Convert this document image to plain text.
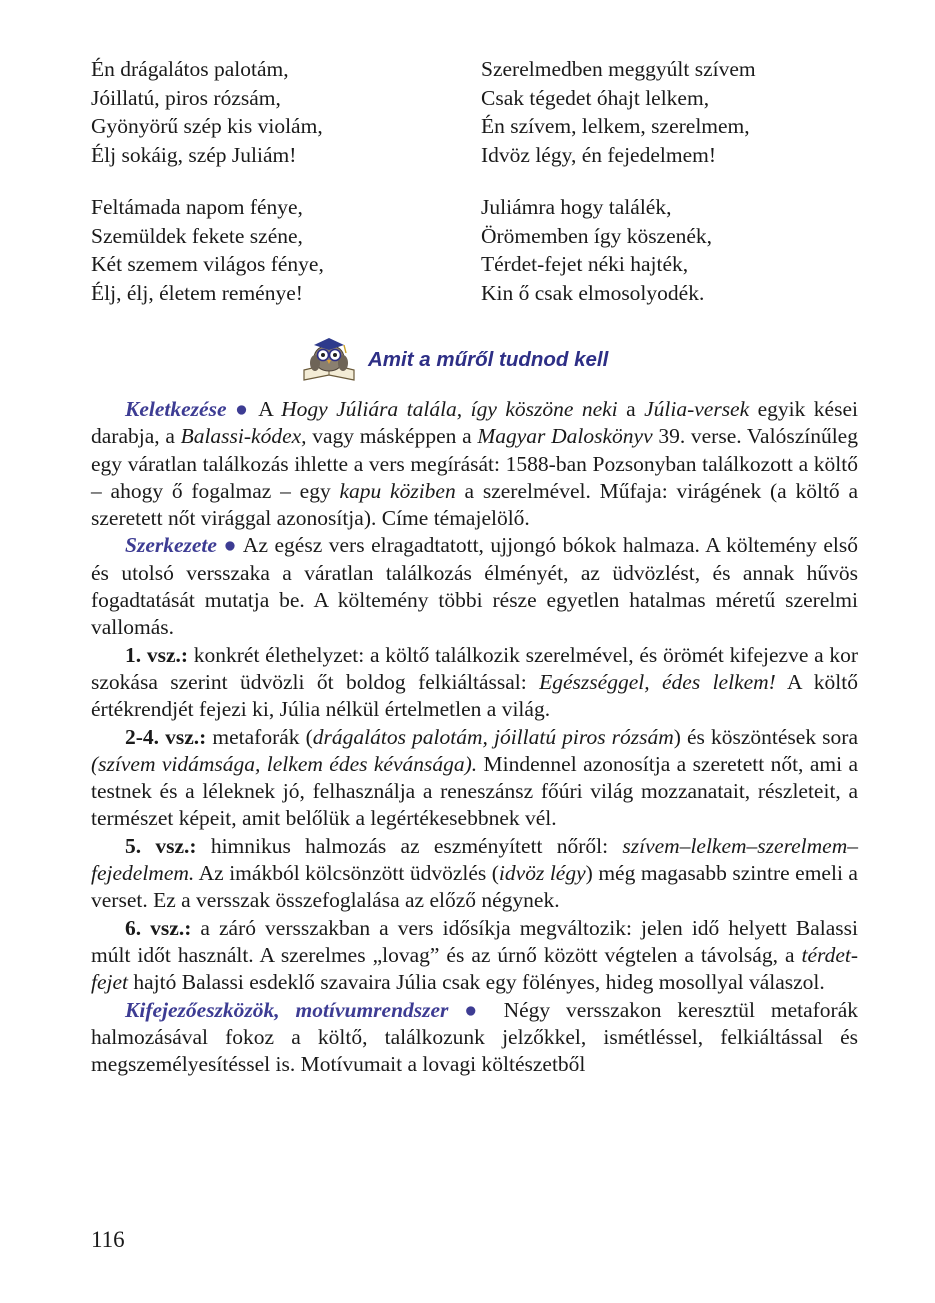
Én drágalátos palotám,
Jóillatú, piros rózsám,
Gyönyörű szép kis violám,
Élj sokáig, szép Juliám!
Feltámada napom fénye,
Szemüldek fekete széne,
Két szemem világos fénye,
Élj, élj, életem reménye!
Szerelmedben meggyúlt szívem
Csak tégedet óhajt lelkem,
Én szívem, lelkem, szerelmem,
Idvöz légy, én fejedelmem!
Juliámra hogy találék,
Örömemben így köszenék,
Térdet-fejet néki hajték,
Kin ő csak elmosolyodék.
Amit a műről tudnod kell

Keletkezése ● A Hogy Júliára talála, így köszöne neki a Júlia-versek egyik kései darabja, a Balassi-kódex, vagy másképpen a Magyar Daloskönyv 39. verse. Valószínűleg egy váratlan találkozás ihlette a vers megírását: 1588-ban Pozsonyban találkozott a költő – ahogy ő fogalmaz – egy kapu köziben a szerelmével. Műfaja: virágének (a költő a szeretett nőt virággal azonosítja). Címe témajelölő.

Szerkezete ● Az egész vers elragadtatott, ujjongó bókok halmaza. A költemény első és utolsó versszaka a váratlan találkozás élményét, az üdvözlést, és annak hűvös fogadtatását mutatja be. A költemény többi része egyetlen hatalmas méretű szerelmi vallomás.

1. vsz.: konkrét élethelyzet: a költő találkozik szerelmével, és örömét kifejezve a kor szokása szerint üdvözli őt boldog felkiáltással: Egészséggel, édes lelkem! A költő értékrendjét fejezi ki, Júlia nélkül értelmetlen a világ.

2-4. vsz.: metaforák (drágalátos palotám, jóillatú piros rózsám) és köszöntések sora (szívem vidámsága, lelkem édes kévánsága). Mindennel azonosítja a szeretett nőt, ami a testnek és a léleknek jó, felhasználja a reneszánsz főúri világ mozzanatait, részleteit, a természet képeit, amit belőlük a legértékesebbnek vél.

5. vsz.: himnikus halmozás az eszményített nőről: szívem–lelkem–szerelmem–fejedelmem. Az imákból kölcsönzött üdvözlés (idvöz légy) még magasabb szintre emeli a verset. Ez a versszak összefoglalása az előző négynek.

6. vsz.: a záró versszakban a vers idősíkja megváltozik: jelen idő helyett Balassi múlt időt használt. A szerelmes „lovag” és az úrnő között végtelen a távolság, a térdet-fejet hajtó Balassi esdeklő szavaira Júlia csak egy fölényes, hideg mosollyal válaszol.

Kifejezőeszközök, motívumrendszer ● Négy versszakon keresztül metaforák halmozásával fokoz a költő, találkozunk jelzőkkel, ismétléssel, felkiáltással és megszemélyesítéssel is. Motívumait a lovagi költészetből

116
